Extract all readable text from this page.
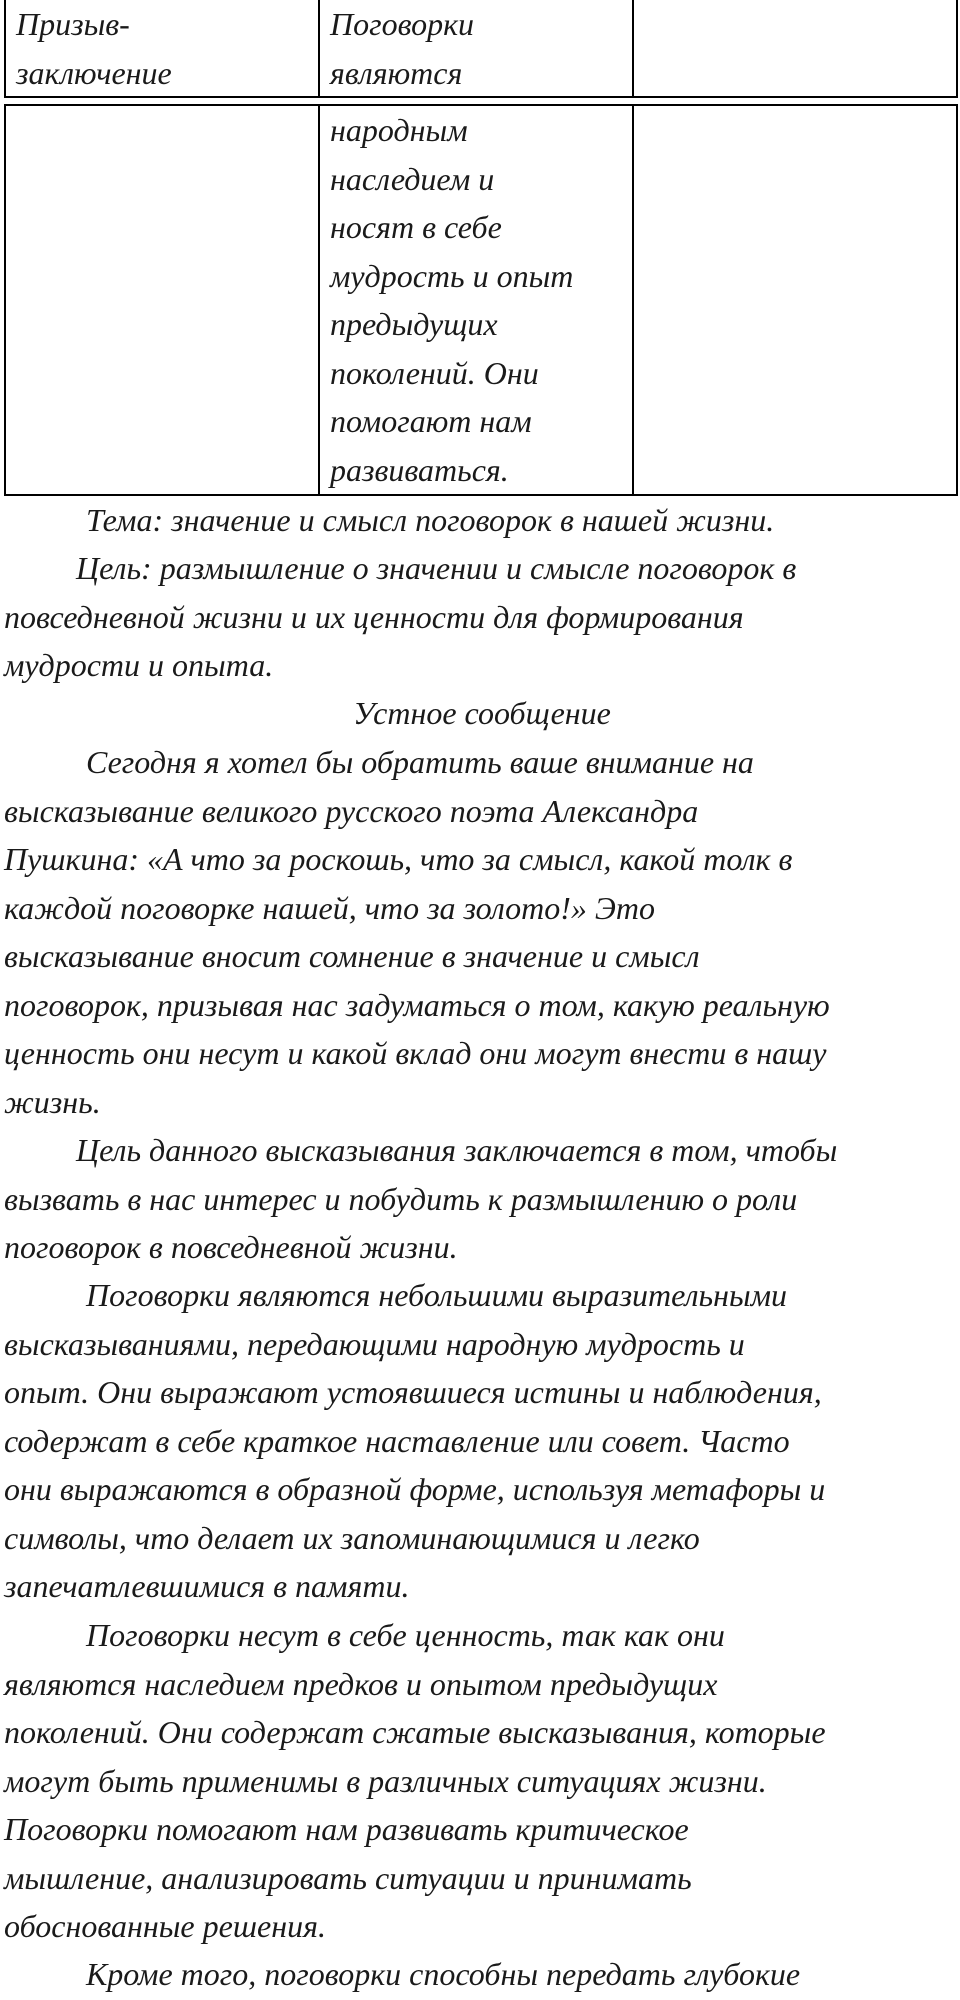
Призыв-
заключение
Поговорки
являются
народным
наследием и
носят в себе
мудрость и опыт
предыдущих
поколений. Они
помогают нам
развиваться.
Тема: значение и смысл поговорок в нашей жизни.
Цель: размышление о значении и смысле поговорок в
повседневной жизни и их ценности для формирования
мудрости и опыта.
Устное сообщение
Сегодня я хотел бы обратить ваше внимание на
высказывание великого русского поэта Александра
Пушкина: «А что за роскошь, что за смысл, какой толк в
каждой поговорке нашей, что за золото!» Это
высказывание вносит сомнение в значение и смысл
поговорок, призывая нас задуматься о том, какую реальную
ценность они несут и какой вклад они могут внести в нашу
жизнь.
Цель данного высказывания заключается в том, чтобы
вызвать в нас интерес и побудить к размышлению о роли
поговорок в повседневной жизни.
Поговорки являются небольшими выразительными
высказываниями, передающими народную мудрость и
опыт. Они выражают устоявшиеся истины и наблюдения,
содержат в себе краткое наставление или совет. Часто
они выражаются в образной форме, используя метафоры и
символы, что делает их запоминающимися и легко
запечатлевшимися в памяти.
Поговорки несут в себе ценность, так как они
являются наследием предков и опытом предыдущих
поколений. Они содержат сжатые высказывания, которые
могут быть применимы в различных ситуациях жизни.
Поговорки помогают нам развивать критическое
мышление, анализировать ситуации и принимать
обоснованные решения.
Кроме того, поговорки способны передать глубокие
